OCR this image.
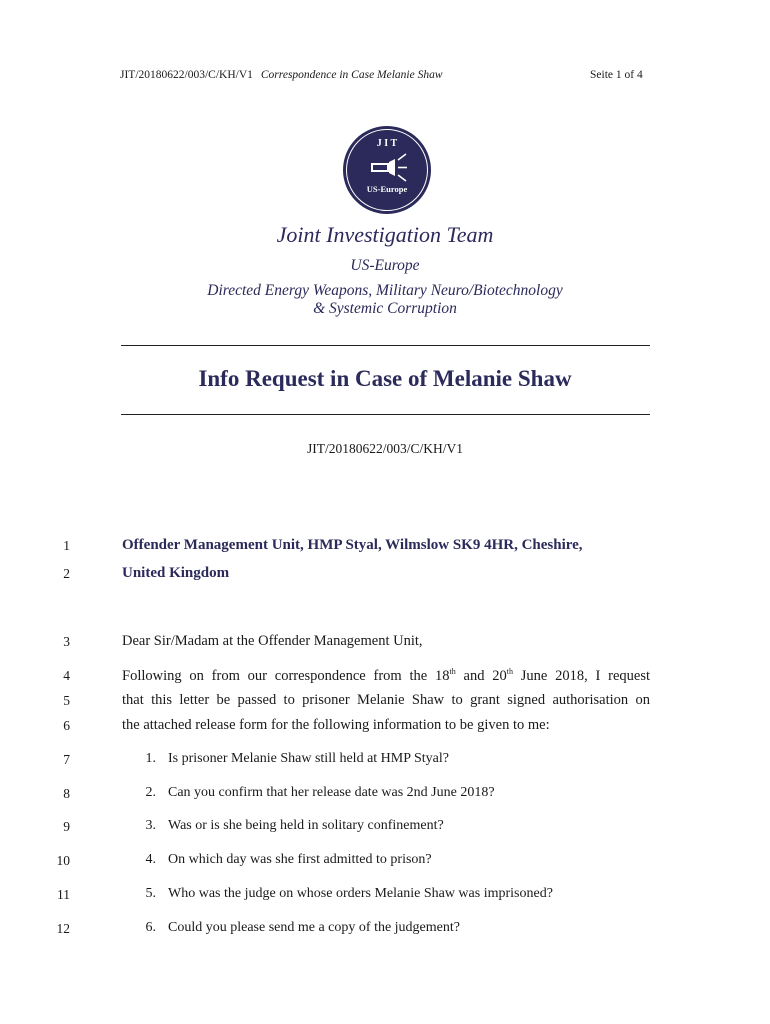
JIT/20180622/003/C/KH/V1 Correspondence in Case Melanie Shaw	Seite 1 of 4
J I T
US-Europe
Joint Investigation Team
US-Europe
Directed Energy Weapons, Military Neuro/Biotechnology
& Systemic Corruption
Info Request in Case of Melanie Shaw
JIT/20180622/003/C/KH/V1
1
2
3
4
5
6
7
8
9
10
11
12
Offender Management Unit, HMP Styal, Wilmslow SK9 4HR, Cheshire,
United Kingdom
Dear Sir/Madam at the Offender Management Unit,
Following on from our correspondence from the 18th and 20th June 2018, I request
that this letter be passed to prisoner Melanie Shaw to grant signed authorisation on
the attached release form for the following information to be given to me:
1. Is prisoner Melanie Shaw still held at HMP Styal?
2. Can you confirm that her release date was 2nd June 2018?
3. Was or is she being held in solitary confinement?
4. On which day was she first admitted to prison?
5. Who was the judge on whose orders Melanie Shaw was imprisoned?
6. Could you please send me a copy of the judgement?
